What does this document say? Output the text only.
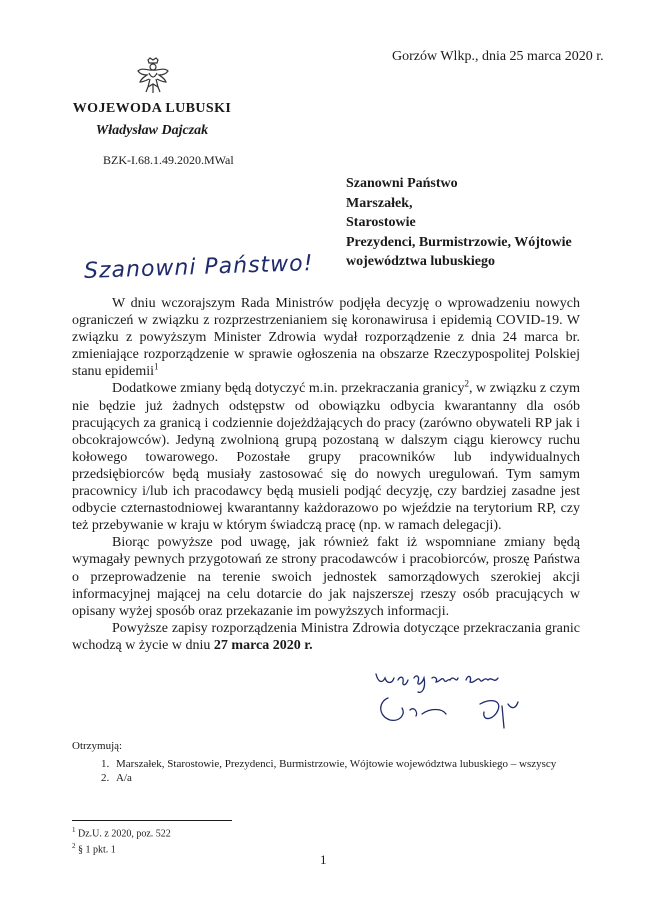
Gorzów Wlkp., dnia 25 marca 2020 r.
WOJEWODA LUBUSKI
Władysław Dajczak
BZK-I.68.1.49.2020.MWal
Szanowni Państwo
Marszałek,
Starostowie
Prezydenci, Burmistrzowie, Wójtowie
województwa lubuskiego
Szanowni Państwo!

W dniu wczorajszym Rada Ministrów podjęła decyzję o wprowadzeniu nowych ograniczeń w związku z rozprzestrzenianiem się koronawirusa i epidemią COVID-19. W związku z powyższym Minister Zdrowia wydał rozporządzenie z dnia 24 marca br. zmieniające rozporządzenie w sprawie ogłoszenia na obszarze Rzeczypospolitej Polskiej stanu epidemii$^1$

Dodatkowe zmiany będą dotyczyć m.in. przekraczania granicy$^2$, w związku z czym nie będzie już żadnych odstępstw od obowiązku odbycia kwarantanny dla osób pracujących za granicą i codziennie dojeżdżających do pracy (zarówno obywateli RP jak i obcokrajowców). Jedyną zwolnioną grupą pozostaną w dalszym ciągu kierowcy ruchu kołowego towarowego. Pozostałe grupy pracowników lub indywidualnych przedsiębiorców będą musiały zastosować się do nowych uregulowań. Tym samym pracownicy i/lub ich pracodawcy będą musieli podjąć decyzję, czy bardziej zasadne jest odbycie czternastodniowej kwarantanny każdorazowo po wjeździe na terytorium RP, czy też przebywanie w kraju w którym świadczą pracę (np. w ramach delegacji).

Biorąc powyższe pod uwagę, jak również fakt iż wspomniane zmiany będą wymagały pewnych przygotowań ze strony pracodawców i pracobiorców, proszę Państwa o przeprowadzenie na terenie swoich jednostek samorządowych szerokiej akcji informacyjnej mającej na celu dotarcie do jak najszerszej rzeszy osób pracujących w opisany wyżej sposób oraz przekazanie im powyższych informacji.

Powyższe zapisy rozporządzenia Ministra Zdrowia dotyczące przekraczania granic wchodzą w życie w dniu 27 marca 2020 r.

Otrzymują:
1. Marszałek, Starostowie, Prezydenci, Burmistrzowie, Wójtowie województwa lubuskiego – wszyscy
2. A/a
$^1$ Dz.U. z 2020, poz. 522
$^2$ § 1 pkt. 1
1
